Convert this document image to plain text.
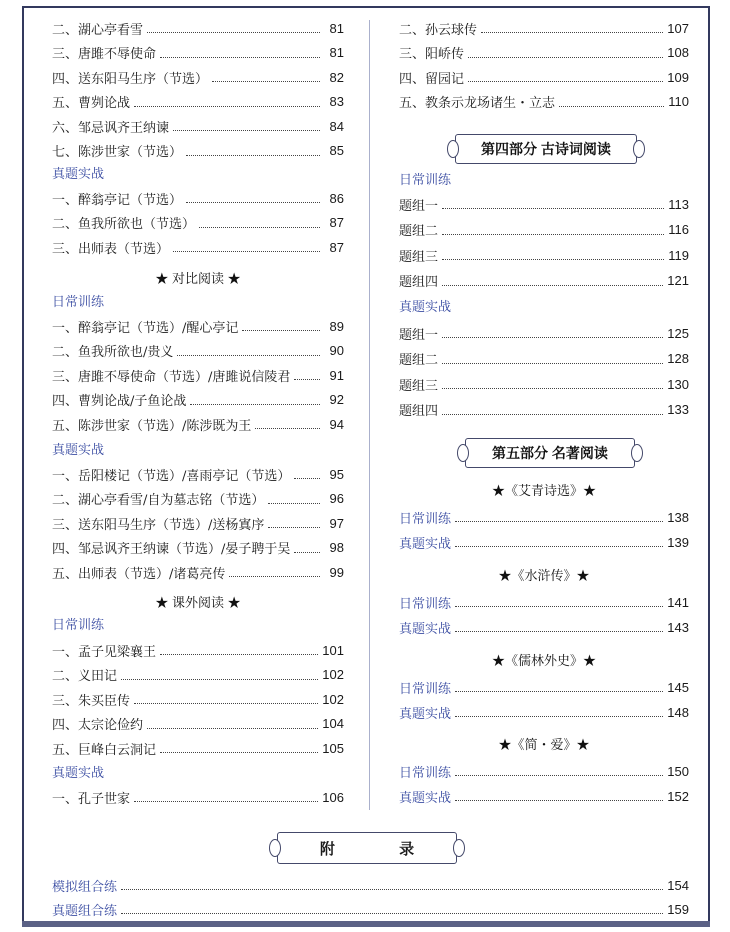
二、湖心亭看雪	81
三、唐雎不辱使命	81
四、送东阳马生序（节选）	82
五、曹刿论战	83
六、邹忌讽齐王纳谏	84
七、陈涉世家（节选）	85
真题实战
一、醉翁亭记（节选）	86
二、鱼我所欲也（节选）	87
三、出师表（节选）	87
★ 对比阅读 ★
日常训练
一、醉翁亭记（节选）/醒心亭记	89
二、鱼我所欲也/贵义	90
三、唐雎不辱使命（节选）/唐雎说信陵君	91
四、曹刿论战/子鱼论战	92
五、陈涉世家（节选）/陈涉既为王	94
真题实战
一、岳阳楼记（节选）/喜雨亭记（节选）	95
二、湖心亭看雪/自为墓志铭（节选）	96
三、送东阳马生序（节选）/送杨寘序	97
四、邹忌讽齐王纳谏（节选）/晏子聘于吴	98
五、出师表（节选）/诸葛亮传	99
★ 课外阅读 ★
日常训练
一、孟子见梁襄王	101
二、义田记	102
三、朱买臣传	102
四、太宗论俭约	104
五、巨峰白云洞记	105
真题实战
一、孔子世家	106
二、孙云球传	107
三、阳峤传	108
四、留园记	109
五、教条示龙场诸生・立志	110
第四部分 古诗词阅读
日常训练
题组一	113
题组二	116
题组三	119
题组四	121
真题实战
题组一	125
题组二	128
题组三	130
题组四	133
第五部分 名著阅读
★《艾青诗选》★
日常训练	138
真题实战	139
★《水浒传》★
日常训练	141
真题实战	143
★《儒林外史》★
日常训练	145
真题实战	148
★《简・爱》★
日常训练	150
真题实战	152
附 录
模拟组合练	154
真题组合练	159
